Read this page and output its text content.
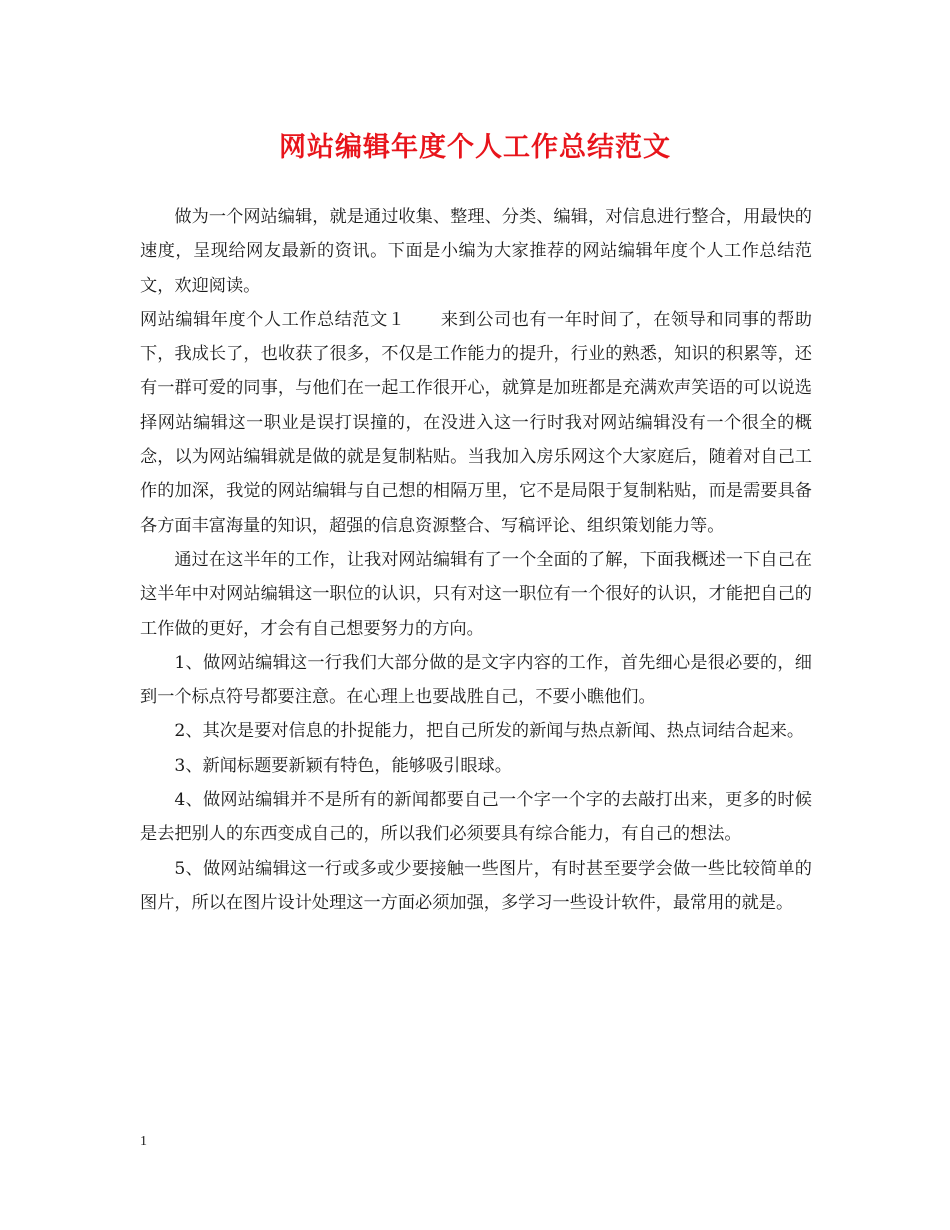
网站编辑年度个人工作总结范文

做为一个网站编辑，就是通过收集、整理、分类、编辑，对信息进行整合，用最快的速度，呈现给网友最新的资讯。下面是小编为大家推荐的网站编辑年度个人工作总结范文，欢迎阅读。

网站编辑年度个人工作总结范文１　　来到公司也有一年时间了，在领导和同事的帮助下，我成长了，也收获了很多，不仅是工作能力的提升，行业的熟悉，知识的积累等，还有一群可爱的同事，与他们在一起工作很开心，就算是加班都是充满欢声笑语的可以说选择网站编辑这一职业是误打误撞的，在没进入这一行时我对网站编辑没有一个很全的概念，以为网站编辑就是做的就是复制粘贴。当我加入房乐网这个大家庭后，随着对自己工作的加深，我觉的网站编辑与自己想的相隔万里，它不是局限于复制粘贴，而是需要具备各方面丰富海量的知识，超强的信息资源整合、写稿评论、组织策划能力等。

通过在这半年的工作，让我对网站编辑有了一个全面的了解，下面我概述一下自己在这半年中对网站编辑这一职位的认识，只有对这一职位有一个很好的认识，才能把自己的工作做的更好，才会有自己想要努力的方向。

1、做网站编辑这一行我们大部分做的是文字内容的工作，首先细心是很必要的，细到一个标点符号都要注意。在心理上也要战胜自己，不要小瞧他们。

2、其次是要对信息的扑捉能力，把自己所发的新闻与热点新闻、热点词结合起来。

3、新闻标题要新颖有特色，能够吸引眼球。

4、做网站编辑并不是所有的新闻都要自己一个字一个字的去敲打出来，更多的时候是去把别人的东西变成自己的，所以我们必须要具有综合能力，有自己的想法。

5、做网站编辑这一行或多或少要接触一些图片，有时甚至要学会做一些比较简单的图片，所以在图片设计处理这一方面必须加强，多学习一些设计软件，最常用的就是。

1
